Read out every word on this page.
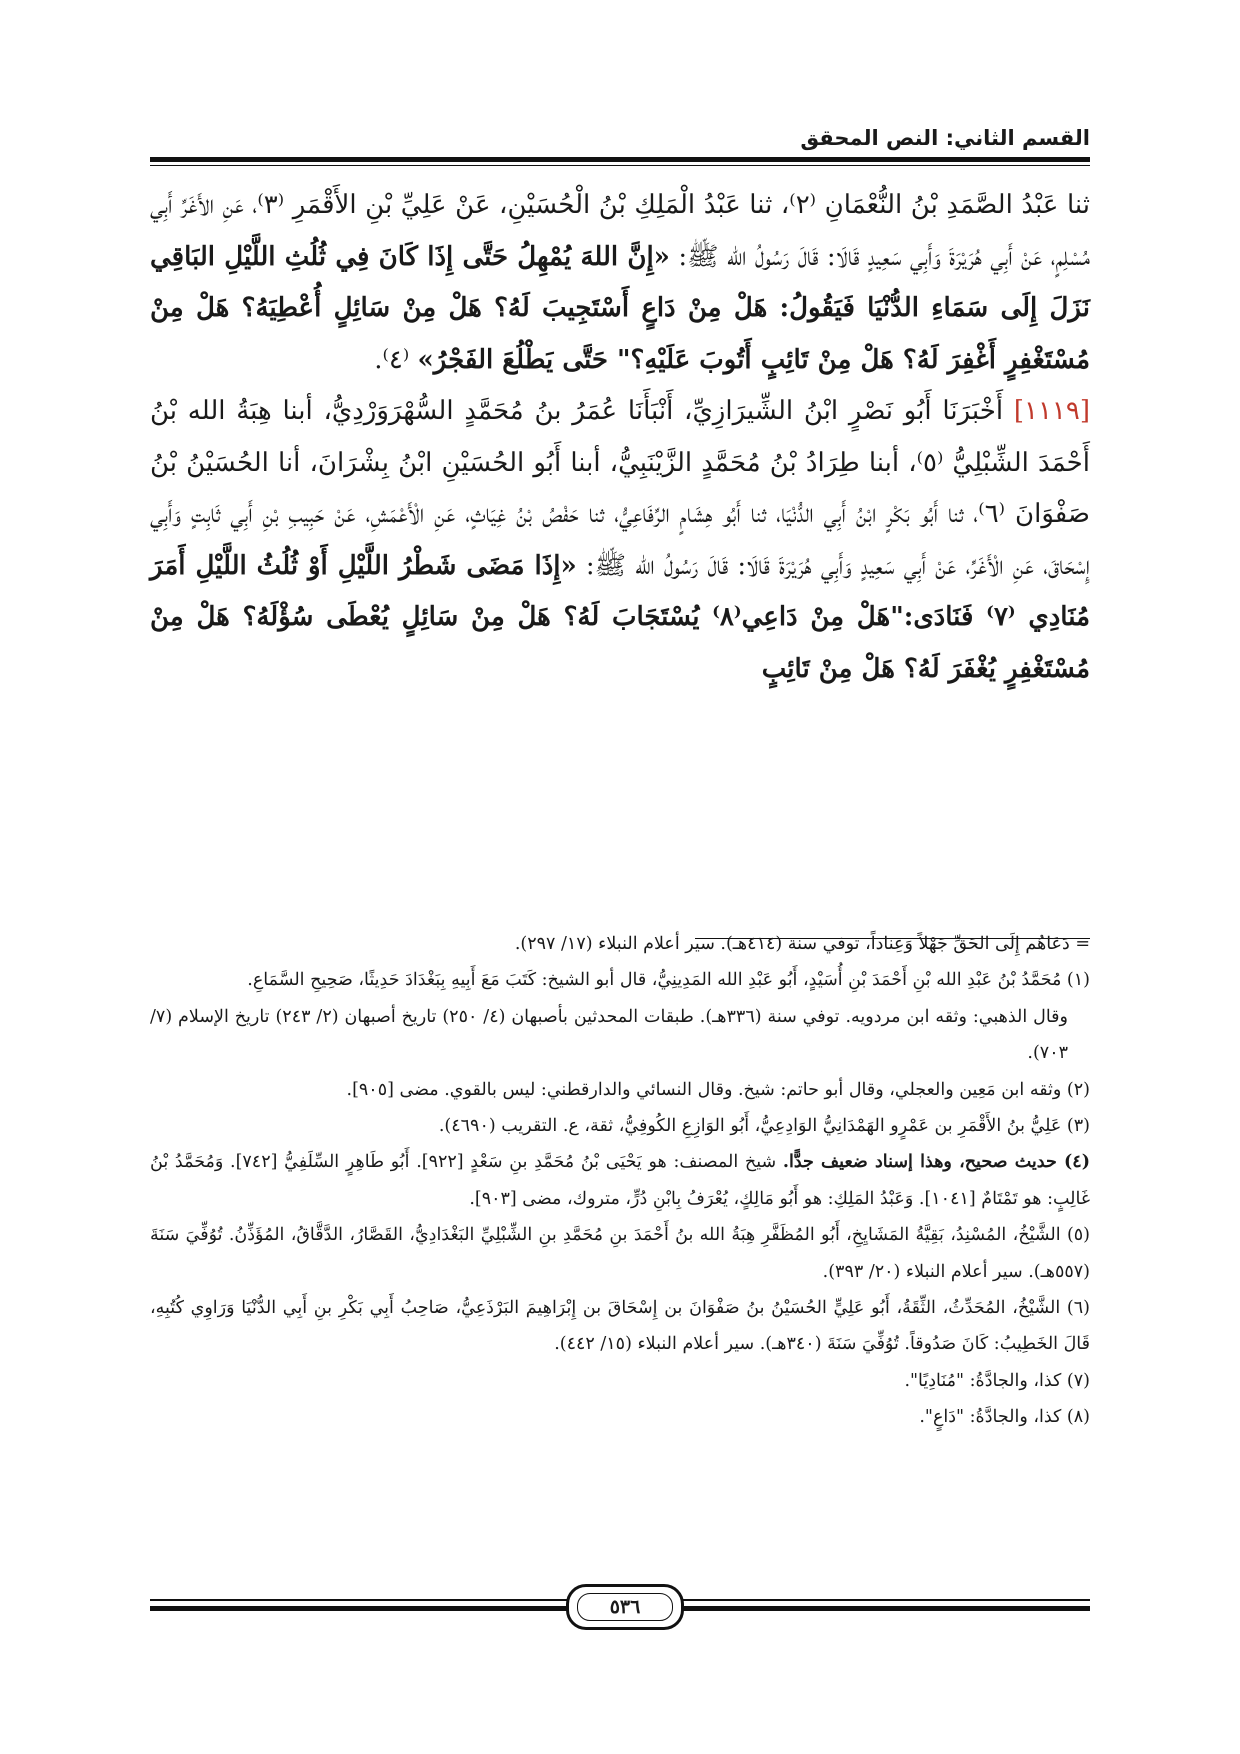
القسم الثاني: النص المحقق

ثنا عَبْدُ الصَّمَدِ بْنُ النُّعْمَانِ ⁽٢⁾، ثنا عَبْدُ الْمَلِكِ بْنُ الْحُسَيْنِ، عَنْ عَلِيِّ بْنِ الأَقْمَرِ ⁽٣⁾، عَنِ الأَغَرِّ أَبِي مُسْلِمٍ، عَنْ أَبِي هُرَيْرَةَ وَأَبِي سَعِيدٍ قَالَا: قَالَ رَسُولُ الله ﷺ: «إِنَّ اللهَ يُمْهِلُ حَتَّى إِذَا كَانَ فِي ثُلُثِ اللَّيْلِ البَاقِي نَزَلَ إِلَى سَمَاءِ الدُّنْيَا فَيَقُولُ: هَلْ مِنْ دَاعٍ أَسْتَجِيبَ لَهُ؟ هَلْ مِنْ سَائِلٍ أُعْطِيَهُ؟ هَلْ مِنْ مُسْتَغْفِرٍ أَغْفِرَ لَهُ؟ هَلْ مِنْ تَائِبٍ أَتُوبَ عَلَيْهِ؟" حَتَّى يَطْلُعَ الفَجْرُ» ⁽٤⁾.

[١١١٩] أَخْبَرَنَا أَبُو نَصْرٍ ابْنُ الشِّيرَازِيِّ، أَنْبَأَنَا عُمَرُ بنُ مُحَمَّدٍ السُّهْرَوَرْدِيُّ، أبنا هِبَةُ الله بْنُ أَحْمَدَ الشِّبْلِيُّ ⁽٥⁾، أبنا طِرَادُ بْنُ مُحَمَّدٍ الزَّيْنَبِيُّ، أبنا أَبُو الحُسَيْنِ ابْنُ بِشْرَانَ، أنا الحُسَيْنُ بْنُ صَفْوَانَ ⁽٦⁾، ثنا أَبُو بَكْرٍ ابْنُ أَبِي الدُّنْيَا، ثنا أَبُو هِشَامٍ الرِّفَاعِيُّ، ثنا حَفْصُ بْنُ غِيَاثٍ، عَنِ الْأَعْمَشِ، عَنْ حَبِيبِ بْنِ أَبِي ثَابِتٍ وَأَبِي إِسْحَاقَ، عَنِ الْأَغَرِّ، عَنْ أَبِي سَعِيدٍ وَأَبِي هُرَيْرَةَ قَالَا: قَالَ رَسُولُ الله ﷺ: «إِذَا مَضَى شَطْرُ اللَّيْلِ أَوْ ثُلُثُ اللَّيْلِ أَمَرَ مُنَادِي ⁽٧⁾ فَنَادَى:"هَلْ مِنْ دَاعِي⁽٨⁾ يُسْتَجَابَ لَهُ؟ هَلْ مِنْ سَائِلٍ يُعْطَى سُؤْلَهُ؟ هَلْ مِنْ مُسْتَغْفِرٍ يُغْفَرَ لَهُ؟ هَلْ مِنْ تَائِبٍ

= دَعَاهُم إِلَى الحَقِّ جَهْلاً وَعِناداً، توفي سنة (٤١٤هـ). سير أعلام النبلاء (١٧/ ٢٩٧).

(١) مُحَمَّدُ بْنُ عَبْدِ الله بْنِ أَحْمَدَ بْنِ أُسَيْدٍ، أَبُو عَبْدِ الله المَدِينِيُّ، قال أبو الشيخ: كَتَبَ مَعَ أَبِيهِ بِبَغْدَادَ حَدِيثًا، صَحِيحِ السَّمَاعِ.

وقال الذهبي: وثقه ابن مردويه. توفي سنة (٣٣٦هـ). طبقات المحدثين بأصبهان (٤/ ٢٥٠) تاريخ أصبهان (٢/ ٢٤٣) تاريخ الإسلام (٧/ ٧٠٣).

(٢) وثقه ابن مَعِين والعجلي، وقال أبو حاتم: شيخ. وقال النسائي والدارقطني: ليس بالقوي. مضى [٩٠٥].

(٣) عَلِيُّ بنُ الأَقْمَرِ بن عَمْرٍو الهَمْدَانِيُّ الوَادِعِيُّ، أَبُو الوَازِعِ الكُوفِيُّ، ثقة، ع. التقريب (٤٦٩٠).

(٤) حديث صحيح، وهذا إسناد ضعيف جدًّا. شيخ المصنف: هو يَحْيَى بْنُ مُحَمَّدِ بنِ سَعْدٍ [٩٢٢]. أَبُو طَاهِرٍ السِّلَفِيُّ [٧٤٢]. وَمُحَمَّدُ بْنُ غَالِبٍ: هو تَمْتَامٌ [١٠٤١]. وَعَبْدُ المَلِكِ: هو أَبُو مَالِكٍ، يُعْرَفُ بِابْنِ دُرٍّ، متروك، مضى [٩٠٣].

(٥) الشَّيْخُ، المُسْنِدُ، بَقِيَّةُ المَشَايِخِ، أَبُو المُظَفَّرِ هِبَةُ الله بنُ أَحْمَدَ بنِ مُحَمَّدِ بنِ الشِّبْلِيِّ البَغْدَادِيُّ، القَصَّارُ، الدَّقَّاقُ، المُؤَذِّنُ. تُوُفِّيَ سَنَةَ (٥٥٧هـ). سير أعلام النبلاء (٢٠/ ٣٩٣).

(٦) الشَّيْخُ، المُحَدِّثُ، الثِّقَةُ، أَبُو عَلِيٍّ الحُسَيْنُ بنُ صَفْوَانَ بن إِسْحَاقَ بن إِبْرَاهِيمَ البَرْذَعِيُّ، صَاحِبُ أَبِي بَكْرِ بنِ أَبِي الدُّنْيَا وَرَاوِي كُتُبِهِ، قَالَ الخَطِيبُ: كَانَ صَدُوقاً. تُوُفِّيَ سَنَةَ (٣٤٠هـ). سير أعلام النبلاء (١٥/ ٤٤٢).

(٧) كذا، والجادَّةُ: "مُنَادِيًا".

(٨) كذا، والجادَّةُ: "دَاعٍ".

٥٣٦
